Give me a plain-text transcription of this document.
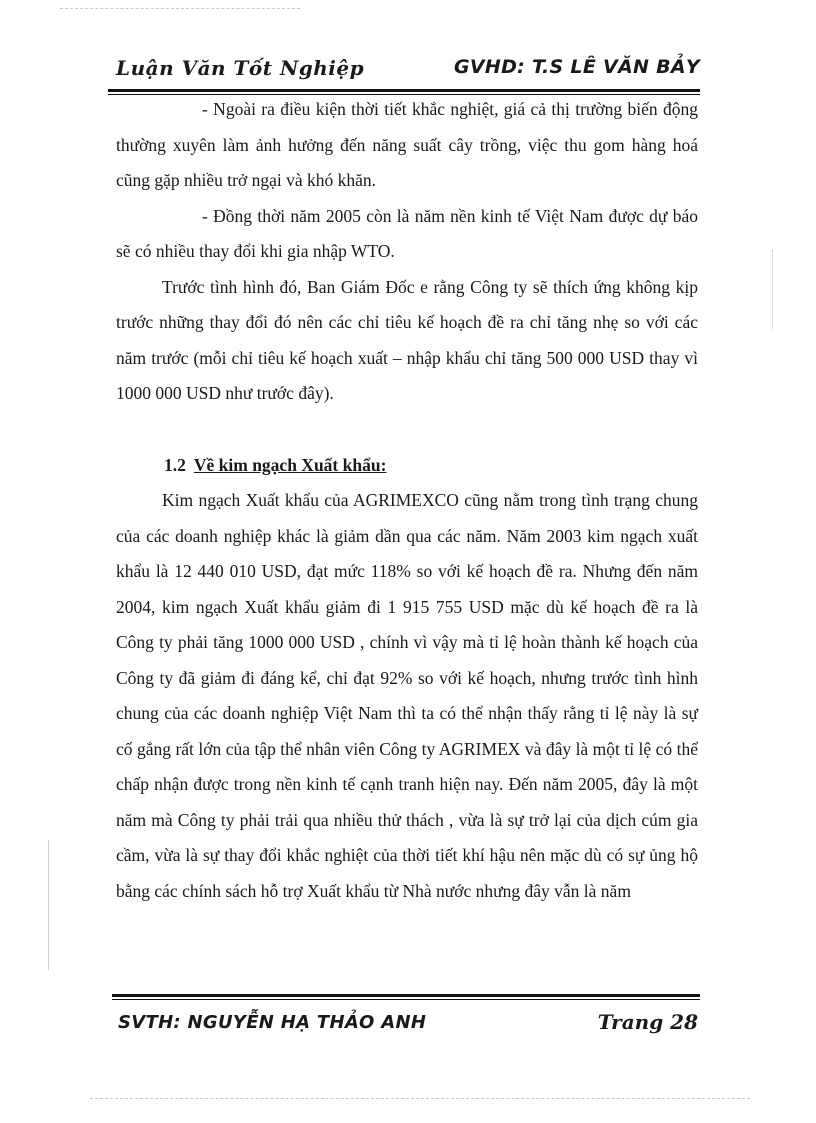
Luận Văn Tốt Nghiệp	GVHD: T.S LÊ VĂN BẢY

- Ngoài ra điều kiện thời tiết khắc nghiệt, giá cả thị trường biến động thường xuyên làm ảnh hưởng đến năng suất cây trồng, việc thu gom hàng hoá cũng gặp nhiều trở ngại và khó khăn.

- Đồng thời năm 2005 còn là năm nền kinh tế Việt Nam được dự báo sẽ có nhiều thay đổi khi gia nhập WTO.

Trước tình hình đó, Ban Giám Đốc e rằng Công ty sẽ thích ứng không kịp trước những thay đổi đó nên các chỉ tiêu kế hoạch đề ra chỉ tăng nhẹ so với các năm trước (mỗi chỉ tiêu kế hoạch xuất – nhập khẩu chỉ tăng 500 000 USD thay vì 1000 000 USD như trước đây).

1.2 Về kim ngạch Xuất khẩu:

Kim ngạch Xuất khẩu của AGRIMEXCO cũng nằm trong tình trạng chung của các doanh nghiệp khác là giảm dần qua các năm. Năm 2003 kim ngạch xuất khẩu là 12 440 010 USD, đạt mức 118% so với kế hoạch đề ra. Nhưng đến năm 2004, kim ngạch Xuất khẩu giảm đi 1 915 755 USD mặc dù kế hoạch đề ra là Công ty phải tăng 1000 000 USD , chính vì vậy mà tỉ lệ hoàn thành kế hoạch của Công ty đã giảm đi đáng kể, chỉ đạt 92% so với kế hoạch, nhưng trước tình hình chung của các doanh nghiệp Việt Nam thì ta có thể nhận thấy rằng tỉ lệ này là sự cố gắng rất lớn của tập thể nhân viên Công ty AGRIMEX và đây là một tỉ lệ có thể chấp nhận được trong nền kinh tế cạnh tranh hiện nay. Đến năm 2005, đây là một năm mà Công ty phải trải qua nhiều thử thách , vừa là sự trở lại của dịch cúm gia cầm, vừa là sự thay đổi khắc nghiệt của thời tiết khí hậu nên mặc dù có sự ủng hộ bằng các chính sách hỗ trợ Xuất khẩu từ Nhà nước nhưng đây vẫn là năm

SVTH: NGUYỄN HẠ THẢO ANH	Trang 28
